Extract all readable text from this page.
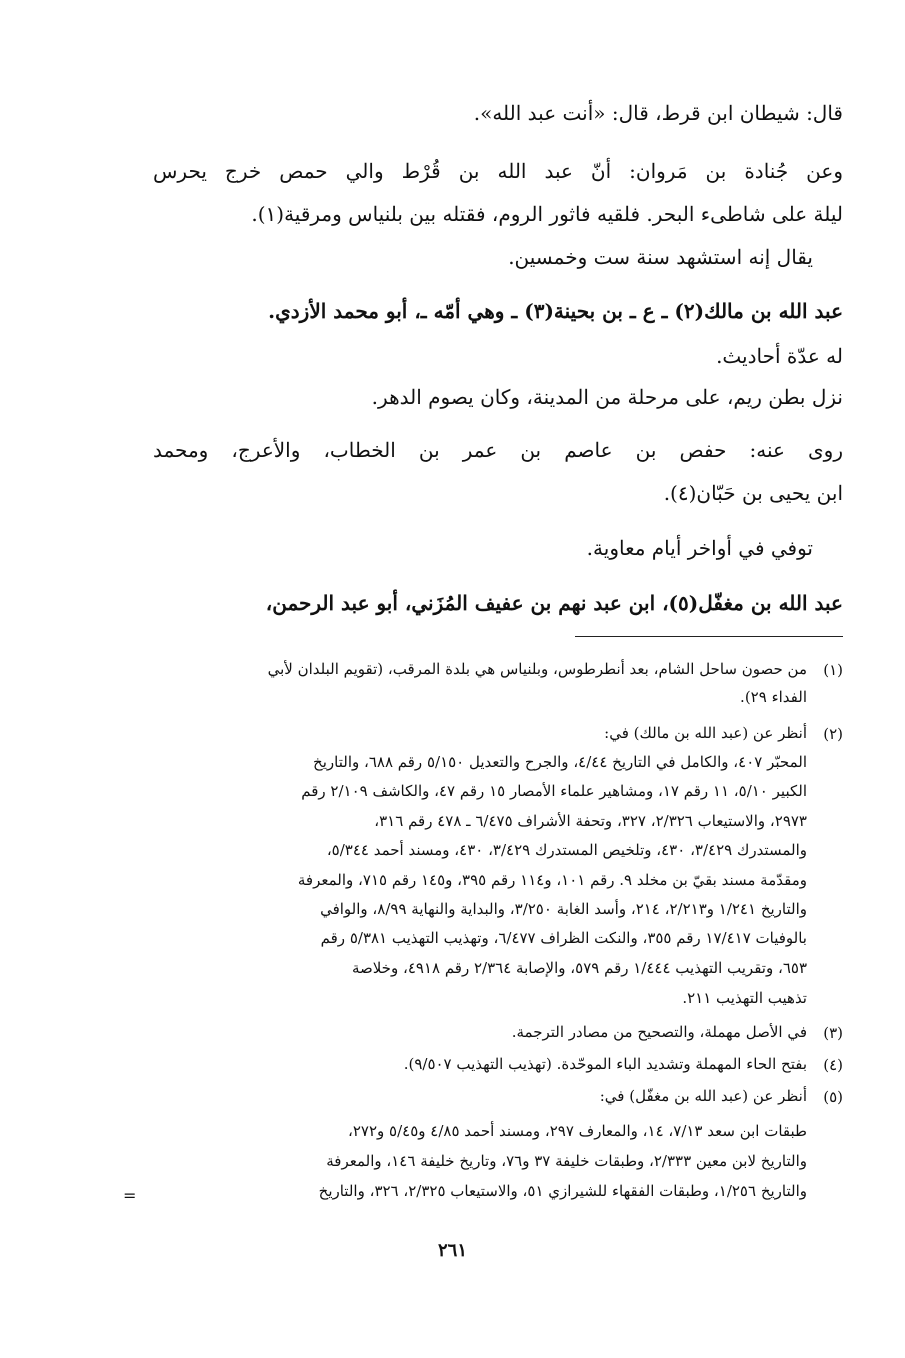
قال: شيطان ابن قرط، قال: «أنت عبد الله».
وعن جُنادة بن مَروان: أنّ عبد الله بن قُرْط والي حمص خرج يحرس
ليلة على شاطىء البحر. فلقيه فاثور الروم، فقتله بين بلنياس ومرقية(١).
يقال إنه استشهد سنة ست وخمسين.
عبد الله بن مالك(٢) ـ ع ـ بن بحينة(٣) ـ وهي أمّه ـ، أبو محمد الأزدي.
له عدّة أحاديث.
نزل بطن ريم، على مرحلة من المدينة، وكان يصوم الدهر.
روى عنه: حفص بن عاصم بن عمر بن الخطاب، والأعرج، ومحمد
ابن يحيى بن حَبّان(٤).
توفي في أواخر أيام معاوية.
عبد الله بن مغفّل(٥)، ابن عبد نهم بن عفيف المُزَني، أبو عبد الرحمن،
(١)
من حصون ساحل الشام، بعد أنطرطوس، وبلنياس هي بلدة المرقب، (تقويم البلدان لأبي
الفداء ٢٩).
(٢)
أنظر عن (عبد الله بن مالك) في:
المحبّر ٤٠٧، والكامل في التاريخ ٤/٤٤، والجرح والتعديل ٥/١٥٠ رقم ٦٨٨، والتاريخ
الكبير ٥/١٠، ١١ رقم ١٧، ومشاهير علماء الأمصار ١٥ رقم ٤٧، والكاشف ٢/١٠٩ رقم
٢٩٧٣، والاستيعاب ٢/٣٢٦، ٣٢٧، وتحفة الأشراف ٦/٤٧٥ ـ ٤٧٨ رقم ٣١٦،
والمستدرك ٣/٤٢٩، ٤٣٠، وتلخيص المستدرك ٣/٤٢٩، ٤٣٠، ومسند أحمد ٥/٣٤٤،
ومقدّمة مسند بقيّ بن مخلد ٩. رقم ١٠١، و١١٤ رقم ٣٩٥، و١٤٥ رقم ٧١٥، والمعرفة
والتاريخ ١/٢٤١ و٢/٢١٣، ٢١٤، وأسد الغابة ٣/٢٥٠، والبداية والنهاية ٨/٩٩، والوافي
بالوفيات ١٧/٤١٧ رقم ٣٥٥، والنكت الظراف ٦/٤٧٧، وتهذيب التهذيب ٥/٣٨١ رقم
٦٥٣، وتقريب التهذيب ١/٤٤٤ رقم ٥٧٩، والإصابة ٢/٣٦٤ رقم ٤٩١٨، وخلاصة
تذهيب التهذيب ٢١١.
(٣)
في الأصل مهملة، والتصحيح من مصادر الترجمة.
(٤)
بفتح الحاء المهملة وتشديد الباء الموحّدة. (تهذيب التهذيب ٩/٥٠٧).
(٥)
أنظر عن (عبد الله بن مغفّل) في:
طبقات ابن سعد ٧/١٣، ١٤، والمعارف ٢٩٧، ومسند أحمد ٤/٨٥ و٥/٤٥ و٢٧٢،
والتاريخ لابن معين ٢/٣٣٣، وطبقات خليفة ٣٧ و٧٦، وتاريخ خليفة ١٤٦، والمعرفة
والتاريخ ١/٢٥٦، وطبقات الفقهاء للشيرازي ٥١، والاستيعاب ٢/٣٢٥، ٣٢٦، والتاريخ
=
٢٦١
